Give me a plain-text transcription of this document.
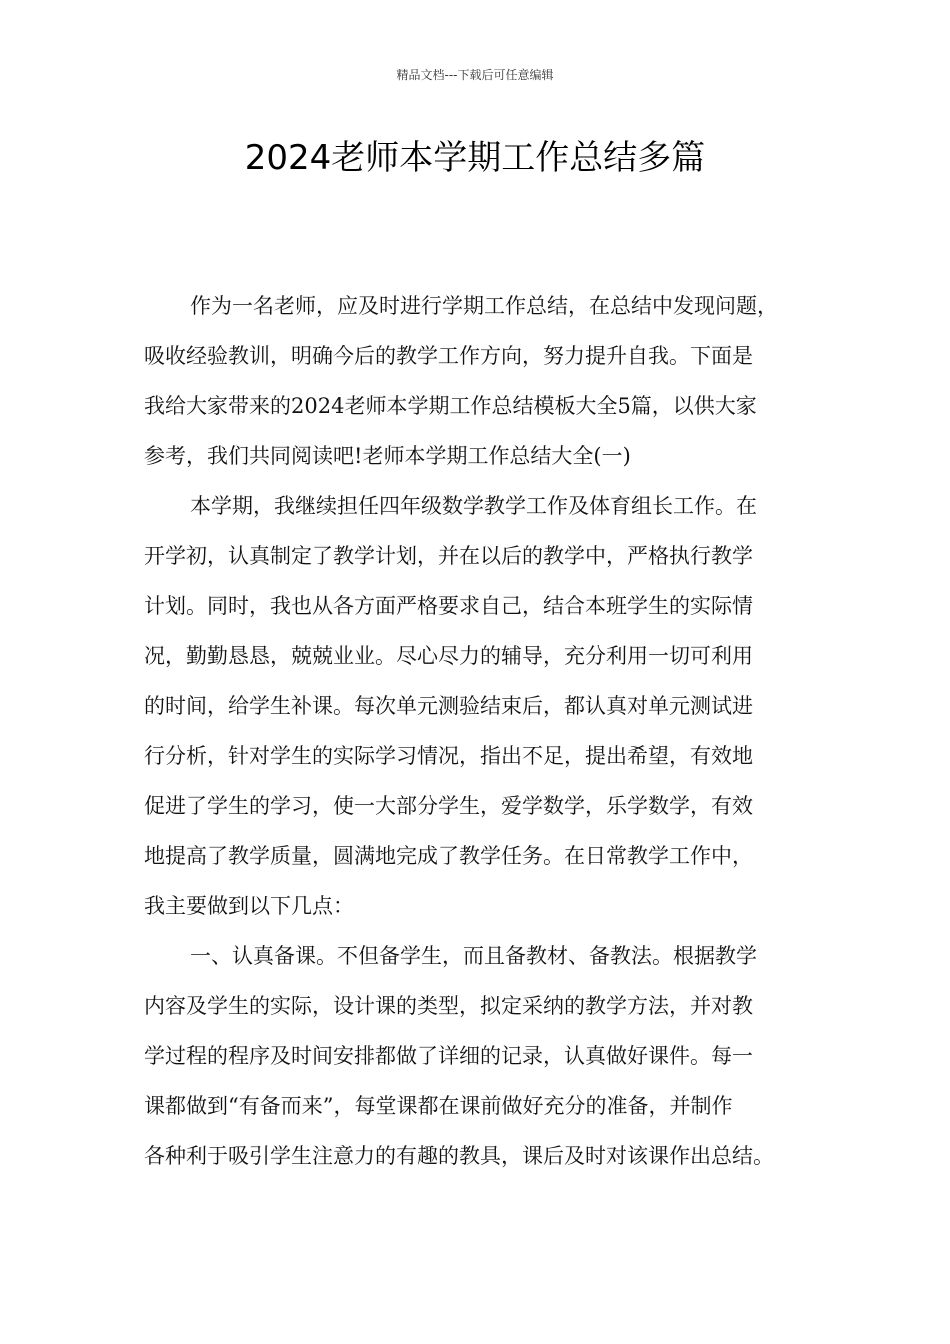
精品文档---下载后可任意编辑
2024老师本学期工作总结多篇
作为一名老师，应及时进行学期工作总结，在总结中发现问题，
吸收经验教训，明确今后的教学工作方向，努力提升自我。下面是
我给大家带来的2024老师本学期工作总结模板大全5篇，以供大家
参考，我们共同阅读吧!老师本学期工作总结大全(一)
本学期，我继续担任四年级数学教学工作及体育组长工作。在
开学初，认真制定了教学计划，并在以后的教学中，严格执行教学
计划。同时，我也从各方面严格要求自己，结合本班学生的实际情
况，勤勤恳恳，兢兢业业。尽心尽力的辅导，充分利用一切可利用
的时间，给学生补课。每次单元测验结束后，都认真对单元测试进
行分析，针对学生的实际学习情况，指出不足，提出希望，有效地
促进了学生的学习，使一大部分学生，爱学数学，乐学数学，有效
地提高了教学质量，圆满地完成了教学任务。在日常教学工作中，
我主要做到以下几点：
一、认真备课。不但备学生，而且备教材、备教法。根据教学
内容及学生的实际，设计课的类型，拟定采纳的教学方法，并对教
学过程的程序及时间安排都做了详细的记录，认真做好课件。每一
课都做到“有备而来”，每堂课都在课前做好充分的准备，并制作
各种利于吸引学生注意力的有趣的教具，课后及时对该课作出总结。
